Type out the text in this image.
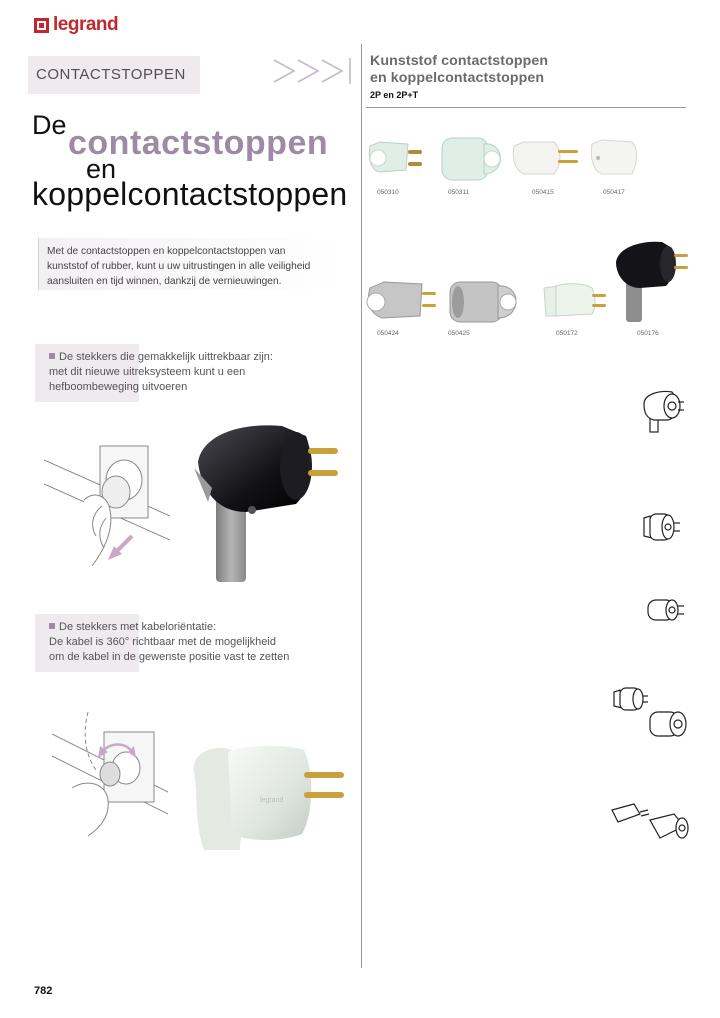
legrand
CONTACTSTOPPEN
De contactstoppen
en
koppelcontactstoppen
Met de contactstoppen en koppelcontactstoppen van
kunststof of rubber, kunt u uw uitrustingen in alle veiligheid
aansluiten en tijd winnen, dankzij de vernieuwingen.
De stekkers die gemakkelijk uittrekbaar zijn:
met dit nieuwe uitreksysteem kunt u een
hefboombeweging uitvoeren
De stekkers met kabeloriëntatie:
De kabel is 360° richtbaar met de mogelijkheid
om de kabel in de gewenste positie vast te zetten
legrand
Kunststof contactstoppen
en koppelcontactstoppen
2P en 2P+T
050310	050311	050415	050417
050424	050425	050172	050176
782
